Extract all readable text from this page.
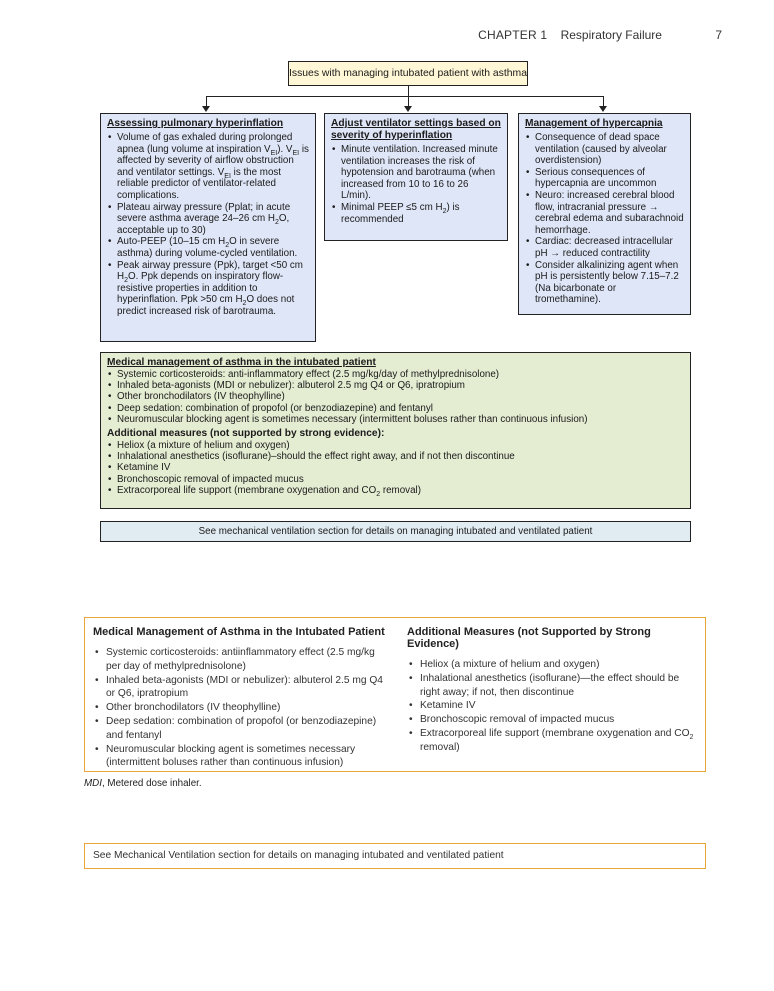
CHAPTER 1 Respiratory Failure	7
Issues with managing intubated patient with asthma
Assessing pulmonary hyperinflation
• Volume of gas exhaled during prolonged apnea (lung volume at inspiration $V_{EI}$). $V_{EI}$ is affected by severity of airflow obstruction and ventilator settings. $V_{EI}$ is the most reliable predictor of ventilator-related complications.
• Plateau airway pressure (Pplat; in acute severe asthma average 24–26 cm $H_2O$, acceptable up to 30)
• Auto-PEEP (10–15 cm $H_2O$ in severe asthma) during volume-cycled ventilation.
• Peak airway pressure (Ppk), target <50 cm $H_2O$. Ppk depends on inspiratory flow-resistive properties in addition to hyperinflation. Ppk >50 cm $H_2O$ does not predict increased risk of barotrauma.
Adjust ventilator settings based on severity of hyperinflation
• Minute ventilation. Increased minute ventilation increases the risk of hypotension and barotrauma (when increased from 10 to 16 to 26 L/min).
• Minimal PEEP ≤5 cm $H_2$) is recommended
Management of hypercapnia
• Consequence of dead space ventilation (caused by alveolar overdistension)
• Serious consequences of hypercapnia are uncommon
• Neuro: increased cerebral blood flow, intracranial pressure → cerebral edema and subarachnoid hemorrhage.
• Cardiac: decreased intracellular pH → reduced contractility
• Consider alkalinizing agent when pH is persistently below 7.15–7.2 (Na bicarbonate or tromethamine).
Medical management of asthma in the intubated patient
• Systemic corticosteroids: anti-inflammatory effect (2.5 mg/kg/day of methylprednisolone)
• Inhaled beta-agonists (MDI or nebulizer): albuterol 2.5 mg Q4 or Q6, ipratropium
• Other bronchodilators (IV theophylline)
• Deep sedation: combination of propofol (or benzodiazepine) and fentanyl
• Neuromuscular blocking agent is sometimes necessary (intermittent boluses rather than continuous infusion)
Additional measures (not supported by strong evidence):
• Heliox (a mixture of helium and oxygen)
• Inhalational anesthetics (isoflurane)–should the effect right away, and if not then discontinue
• Ketamine IV
• Bronchoscopic removal of impacted mucus
• Extracorporeal life support (membrane oxygenation and $CO_2$ removal)
See mechanical ventilation section for details on managing intubated and ventilated patient
Medical Management of Asthma in the Intubated Patient
• Systemic corticosteroids: antiinflammatory effect (2.5 mg/kg per day of methylprednisolone)
• Inhaled beta-agonists (MDI or nebulizer): albuterol 2.5 mg Q4 or Q6, ipratropium
• Other bronchodilators (IV theophylline)
• Deep sedation: combination of propofol (or benzodiazepine) and fentanyl
• Neuromuscular blocking agent is sometimes necessary (intermittent boluses rather than continuous infusion)
Additional Measures (not Supported by Strong Evidence)
• Heliox (a mixture of helium and oxygen)
• Inhalational anesthetics (isoflurane)—the effect should be right away; if not, then discontinue
• Ketamine IV
• Bronchoscopic removal of impacted mucus
• Extracorporeal life support (membrane oxygenation and $CO_2$ removal)
MDI, Metered dose inhaler.
See Mechanical Ventilation section for details on managing intubated and ventilated patient
